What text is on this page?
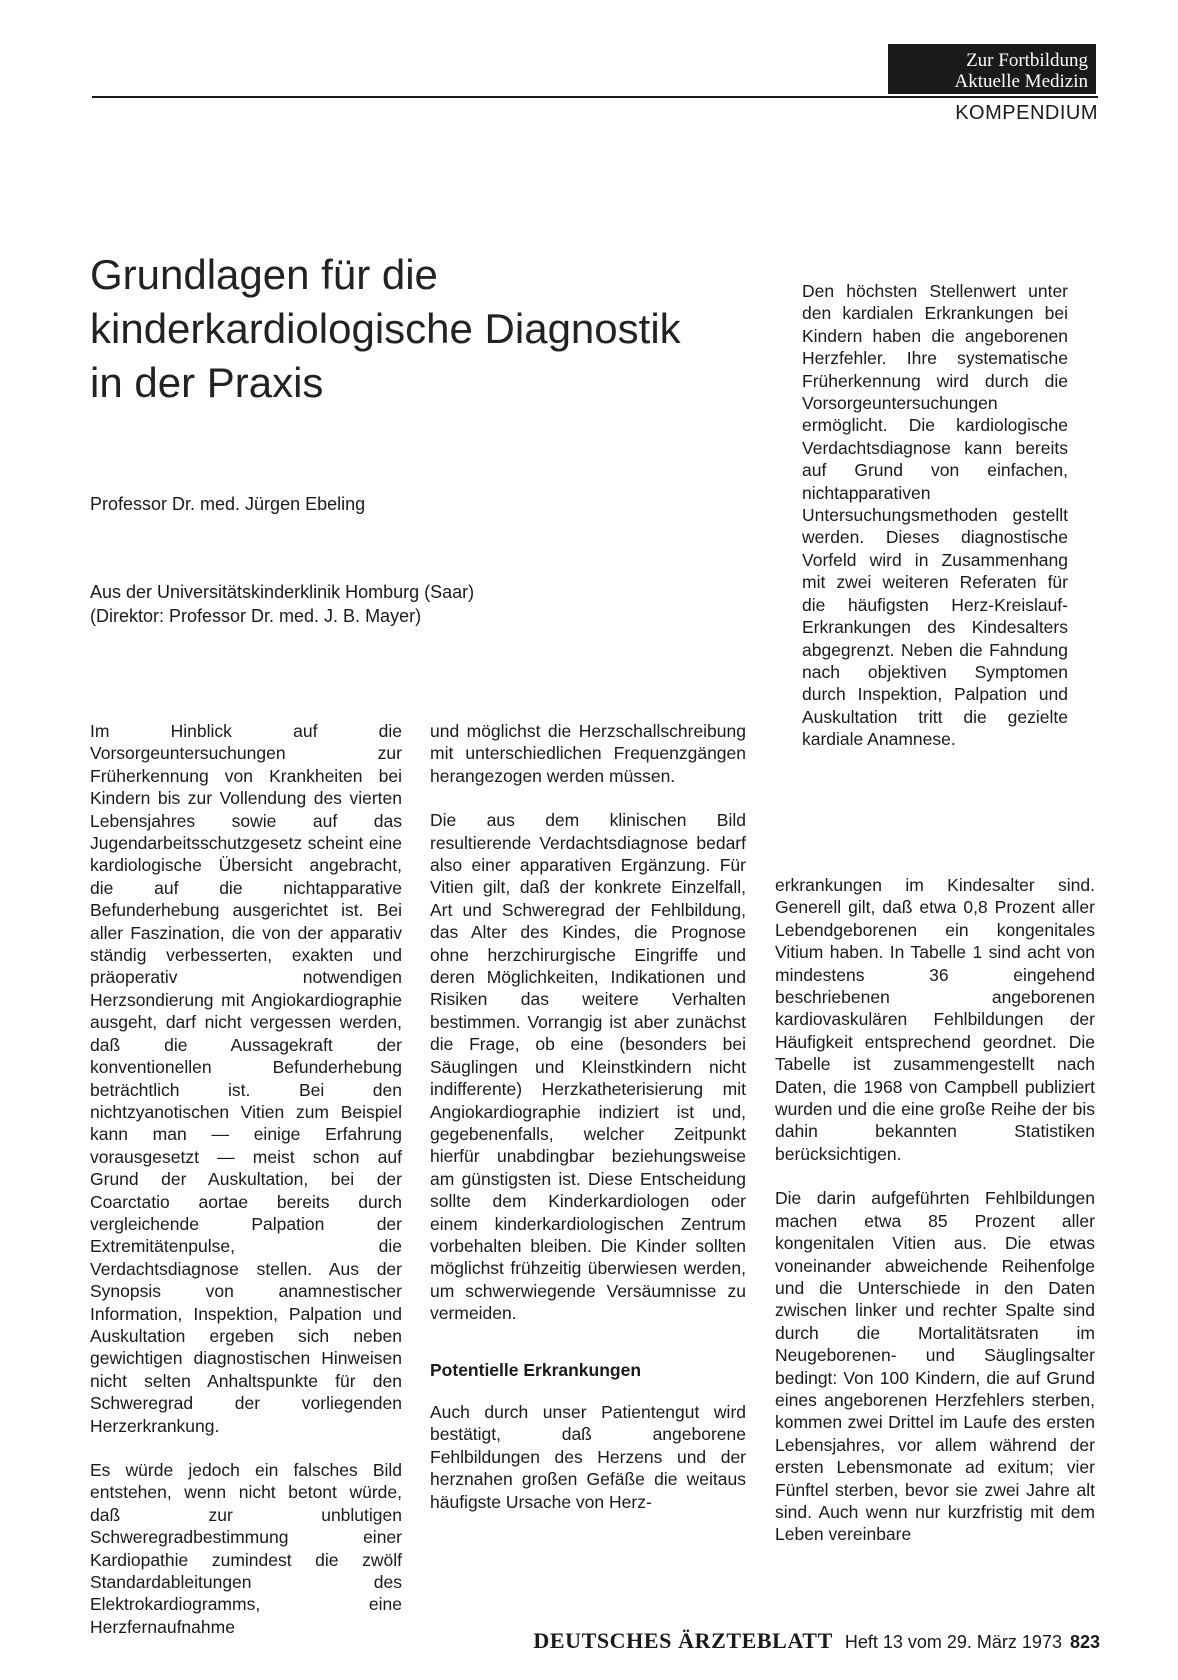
Zur Fortbildung
Aktuelle Medizin
KOMPENDIUM
Grundlagen für die
kinderkardiologische Diagnostik
in der Praxis
Professor Dr. med. Jürgen Ebeling
Aus der Universitätskinderklinik Homburg (Saar)
(Direktor: Professor Dr. med. J. B. Mayer)

Den höchsten Stellenwert unter den kardialen Erkrankungen bei Kindern haben die angeborenen Herzfehler. Ihre systematische Früherkennung wird durch die Vorsorgeuntersuchungen ermöglicht. Die kardiologische Verdachtsdiagnose kann bereits auf Grund von einfachen, nichtapparativen Untersuchungsmethoden gestellt werden. Dieses diagnostische Vorfeld wird in Zusammenhang mit zwei weiteren Referaten für die häufigsten Herz-Kreislauf-Erkrankungen des Kindesalters abgegrenzt. Neben die Fahndung nach objektiven Symptomen durch Inspektion, Palpation und Auskultation tritt die gezielte kardiale Anamnese.

Im Hinblick auf die Vorsorgeuntersuchungen zur Früherkennung von Krankheiten bei Kindern bis zur Vollendung des vierten Lebensjahres sowie auf das Jugendarbeitsschutzgesetz scheint eine kardiologische Übersicht angebracht, die auf die nichtapparative Befunderhebung ausgerichtet ist. Bei aller Faszination, die von der apparativ ständig verbesserten, exakten und präoperativ notwendigen Herzsondierung mit Angiokardiographie ausgeht, darf nicht vergessen werden, daß die Aussagekraft der konventionellen Befunderhebung beträchtlich ist. Bei den nichtzyanotischen Vitien zum Beispiel kann man — einige Erfahrung vorausgesetzt — meist schon auf Grund der Auskultation, bei der Coarctatio aortae bereits durch vergleichende Palpation der Extremitätenpulse, die Verdachtsdiagnose stellen. Aus der Synopsis von anamnestischer Information, Inspektion, Palpation und Auskultation ergeben sich neben gewichtigen diagnostischen Hinweisen nicht selten Anhaltspunkte für den Schweregrad der vorliegenden Herzerkrankung.

Es würde jedoch ein falsches Bild entstehen, wenn nicht betont würde, daß zur unblutigen Schweregradbestimmung einer Kardiopathie zumindest die zwölf Standardableitungen des Elektrokardiogramms, eine Herzfernaufnahme

und möglichst die Herzschallschreibung mit unterschiedlichen Frequenzgängen herangezogen werden müssen.

Die aus dem klinischen Bild resultierende Verdachtsdiagnose bedarf also einer apparativen Ergänzung. Für Vitien gilt, daß der konkrete Einzelfall, Art und Schweregrad der Fehlbildung, das Alter des Kindes, die Prognose ohne herzchirurgische Eingriffe und deren Möglichkeiten, Indikationen und Risiken das weitere Verhalten bestimmen. Vorrangig ist aber zunächst die Frage, ob eine (besonders bei Säuglingen und Kleinstkindern nicht indifferente) Herzkatheterisierung mit Angiokardiographie indiziert ist und, gegebenenfalls, welcher Zeitpunkt hierfür unabdingbar beziehungsweise am günstigsten ist. Diese Entscheidung sollte dem Kinderkardiologen oder einem kinderkardiologischen Zentrum vorbehalten bleiben. Die Kinder sollten möglichst frühzeitig überwiesen werden, um schwerwiegende Versäumnisse zu vermeiden.

Potentielle Erkrankungen

Auch durch unser Patientengut wird bestätigt, daß angeborene Fehlbildungen des Herzens und der herznahen großen Gefäße die weitaus häufigste Ursache von Herz-

erkrankungen im Kindesalter sind. Generell gilt, daß etwa 0,8 Prozent aller Lebendgeborenen ein kongenitales Vitium haben. In Tabelle 1 sind acht von mindestens 36 eingehend beschriebenen angeborenen kardiovaskulären Fehlbildungen der Häufigkeit entsprechend geordnet. Die Tabelle ist zusammengestellt nach Daten, die 1968 von Campbell publiziert wurden und die eine große Reihe der bis dahin bekannten Statistiken berücksichtigen.

Die darin aufgeführten Fehlbildungen machen etwa 85 Prozent aller kongenitalen Vitien aus. Die etwas voneinander abweichende Reihenfolge und die Unterschiede in den Daten zwischen linker und rechter Spalte sind durch die Mortalitätsraten im Neugeborenen- und Säuglingsalter bedingt: Von 100 Kindern, die auf Grund eines angeborenen Herzfehlers sterben, kommen zwei Drittel im Laufe des ersten Lebensjahres, vor allem während der ersten Lebensmonate ad exitum; vier Fünftel sterben, bevor sie zwei Jahre alt sind. Auch wenn nur kurzfristig mit dem Leben vereinbare

DEUTSCHES ÄRZTEBLATT Heft 13 vom 29. März 1973 823
